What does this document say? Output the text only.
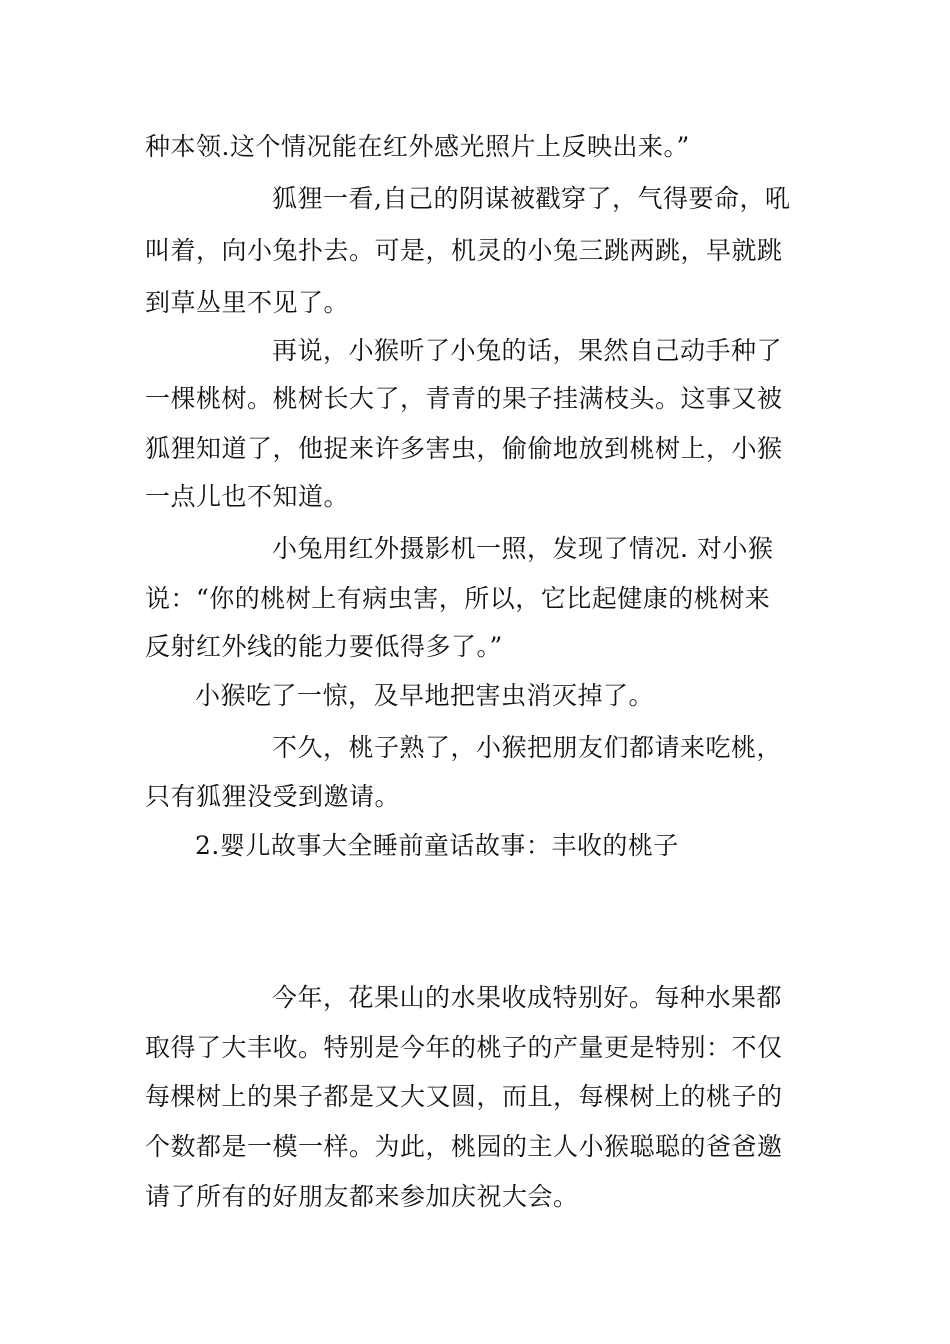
种本领.这个情况能在红外感光照片上反映出来。”
狐狸一看,自己的阴谋被戳穿了，气得要命，吼
叫着，向小兔扑去。可是，机灵的小兔三跳两跳，早就跳
到草丛里不见了。
再说，小猴听了小兔的话，果然自己动手种了
一棵桃树。桃树长大了，青青的果子挂满枝头。这事又被
狐狸知道了，他捉来许多害虫，偷偷地放到桃树上，小猴
一点儿也不知道。
小兔用红外摄影机一照，发现了情况. 对小猴
说：“你的桃树上有病虫害，所以，它比起健康的桃树来
反射红外线的能力要低得多了。”
小猴吃了一惊，及早地把害虫消灭掉了。
不久，桃子熟了，小猴把朋友们都请来吃桃，
只有狐狸没受到邀请。
2.婴儿故事大全睡前童话故事：丰收的桃子
今年，花果山的水果收成特别好。每种水果都
取得了大丰收。特别是今年的桃子的产量更是特别：不仅
每棵树上的果子都是又大又圆，而且，每棵树上的桃子的
个数都是一模一样。为此，桃园的主人小猴聪聪的爸爸邀
请了所有的好朋友都来参加庆祝大会。
